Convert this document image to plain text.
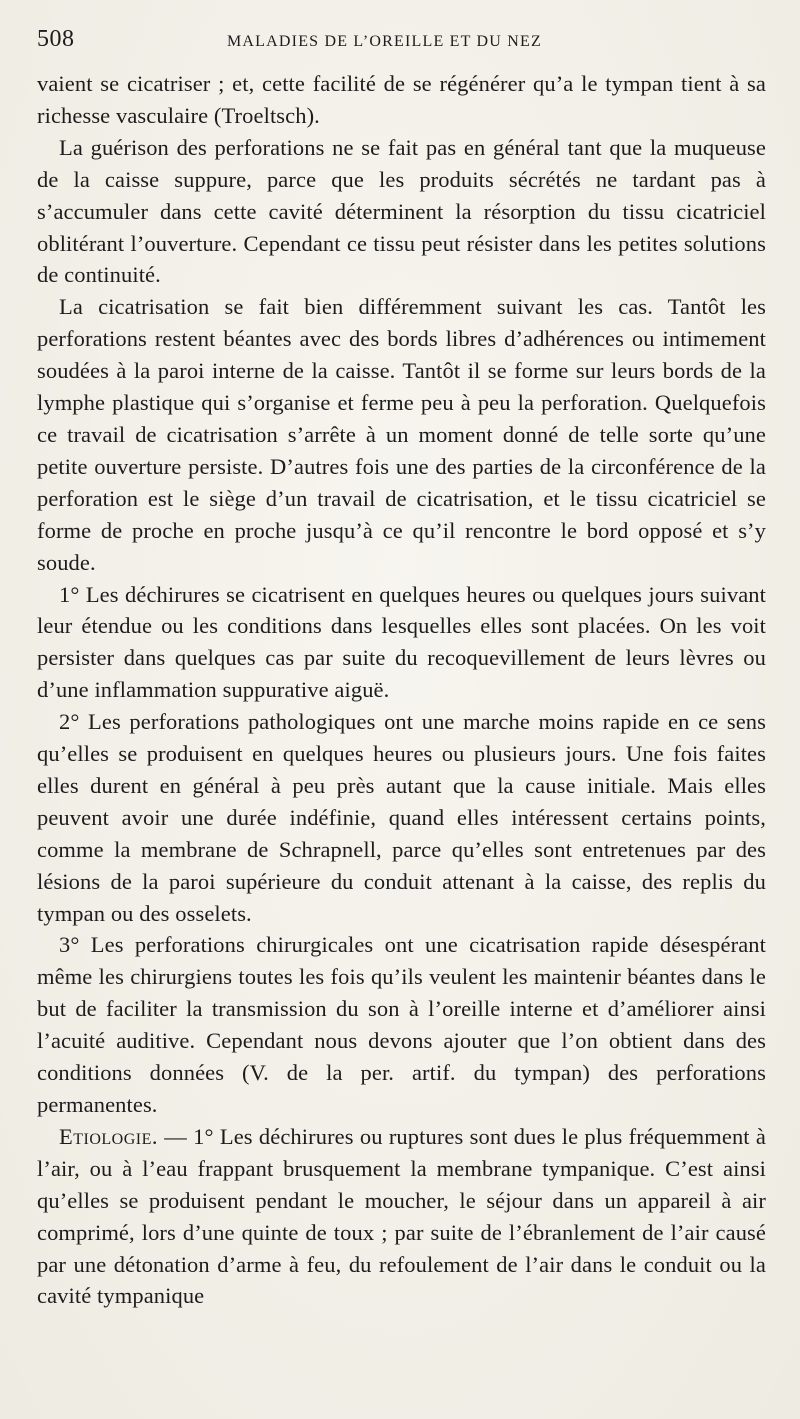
508	MALADIES DE L’OREILLE ET DU NEZ

vaient se cicatriser ; et, cette facilité de se régénérer qu’a le tympan tient à sa richesse vasculaire (Troeltsch).

La guérison des perforations ne se fait pas en général tant que la muqueuse de la caisse suppure, parce que les produits sécrétés ne tardant pas à s’accumuler dans cette cavité déterminent la résorption du tissu cicatriciel oblitérant l’ouverture. Cependant ce tissu peut résister dans les petites solutions de continuité.

La cicatrisation se fait bien différemment suivant les cas. Tantôt les perforations restent béantes avec des bords libres d’adhérences ou intimement soudées à la paroi interne de la caisse. Tantôt il se forme sur leurs bords de la lymphe plastique qui s’organise et ferme peu à peu la perforation. Quelquefois ce travail de cicatrisation s’arrête à un moment donné de telle sorte qu’une petite ouverture persiste. D’autres fois une des parties de la circonférence de la perforation est le siège d’un travail de cicatrisation, et le tissu cicatriciel se forme de proche en proche jusqu’à ce qu’il rencontre le bord opposé et s’y soude.

1° Les déchirures se cicatrisent en quelques heures ou quelques jours suivant leur étendue ou les conditions dans lesquelles elles sont placées. On les voit persister dans quelques cas par suite du recoquevillement de leurs lèvres ou d’une inflammation suppurative aiguë.

2° Les perforations pathologiques ont une marche moins rapide en ce sens qu’elles se produisent en quelques heures ou plusieurs jours. Une fois faites elles durent en général à peu près autant que la cause initiale. Mais elles peuvent avoir une durée indéfinie, quand elles intéressent certains points, comme la membrane de Schrapnell, parce qu’elles sont entretenues par des lésions de la paroi supérieure du conduit attenant à la caisse, des replis du tympan ou des osselets.

3° Les perforations chirurgicales ont une cicatrisation rapide désespérant même les chirurgiens toutes les fois qu’ils veulent les maintenir béantes dans le but de faciliter la transmission du son à l’oreille interne et d’améliorer ainsi l’acuité auditive. Cependant nous devons ajouter que l’on obtient dans des conditions données (V. de la per. artif. du tympan) des perforations permanentes.

Etiologie. — 1° Les déchirures ou ruptures sont dues le plus fréquemment à l’air, ou à l’eau frappant brusquement la membrane tympanique. C’est ainsi qu’elles se produisent pendant le moucher, le séjour dans un appareil à air comprimé, lors d’une quinte de toux ; par suite de l’ébranlement de l’air causé par une détonation d’arme à feu, du refoulement de l’air dans le conduit ou la cavité tympanique
